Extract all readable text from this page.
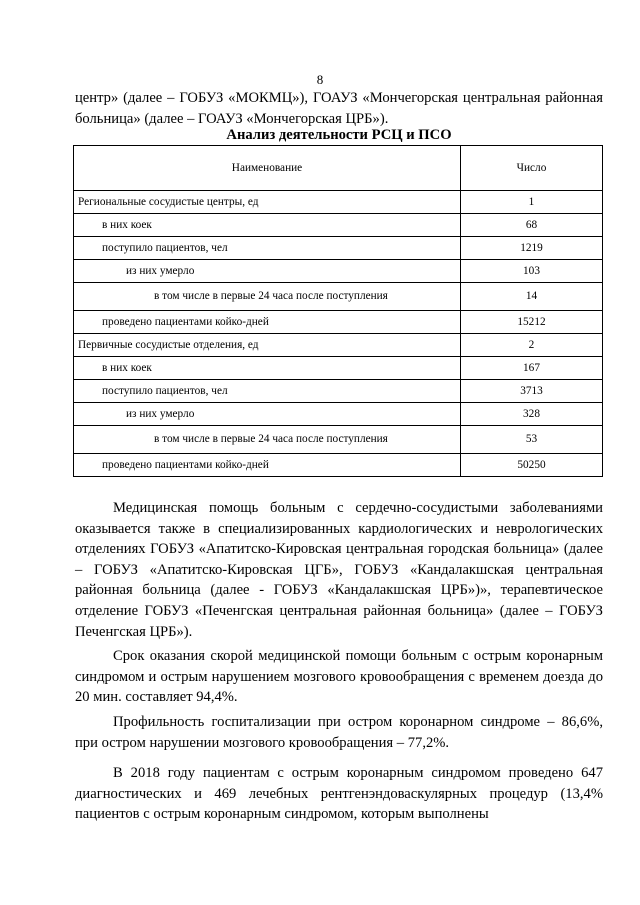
8

центр» (далее – ГОБУЗ «МОКМЦ»), ГОАУЗ «Мончегорская центральная районная больница» (далее – ГОАУЗ «Мончегорская ЦРБ»).

Анализ деятельности РСЦ и ПСО
Наименование	Число
Региональные сосудистые центры, ед	1
в них коек	68
поступило пациентов, чел	1219
из них умерло	103
в том числе в первые 24 часа после поступления	14
проведено пациентами койко-дней	15212
Первичные сосудистые отделения, ед	2
в них коек	167
поступило пациентов, чел	3713
из них умерло	328
в том числе в первые 24 часа после поступления	53
проведено пациентами койко-дней	50250

Медицинская помощь больным с сердечно-сосудистыми заболеваниями оказывается также в специализированных кардиологических и неврологических отделениях ГОБУЗ «Апатитско-Кировская центральная городская больница» (далее – ГОБУЗ «Апатитско-Кировская ЦГБ», ГОБУЗ «Кандалакшская центральная районная больница (далее - ГОБУЗ «Кандалакшская ЦРБ»)», терапевтическое отделение ГОБУЗ «Печенгская центральная районная больница» (далее – ГОБУЗ Печенгская ЦРБ»).

Срок оказания скорой медицинской помощи больным с острым коронарным синдромом и острым нарушением мозгового кровообращения с временем доезда до 20 мин. составляет 94,4%.

Профильность госпитализации при остром коронарном синдроме – 86,6%, при остром нарушении мозгового кровообращения – 77,2%.

В 2018 году пациентам с острым коронарным синдромом проведено 647 диагностических и 469 лечебных рентгенэндоваскулярных процедур (13,4% пациентов с острым коронарным синдромом, которым выполнены
